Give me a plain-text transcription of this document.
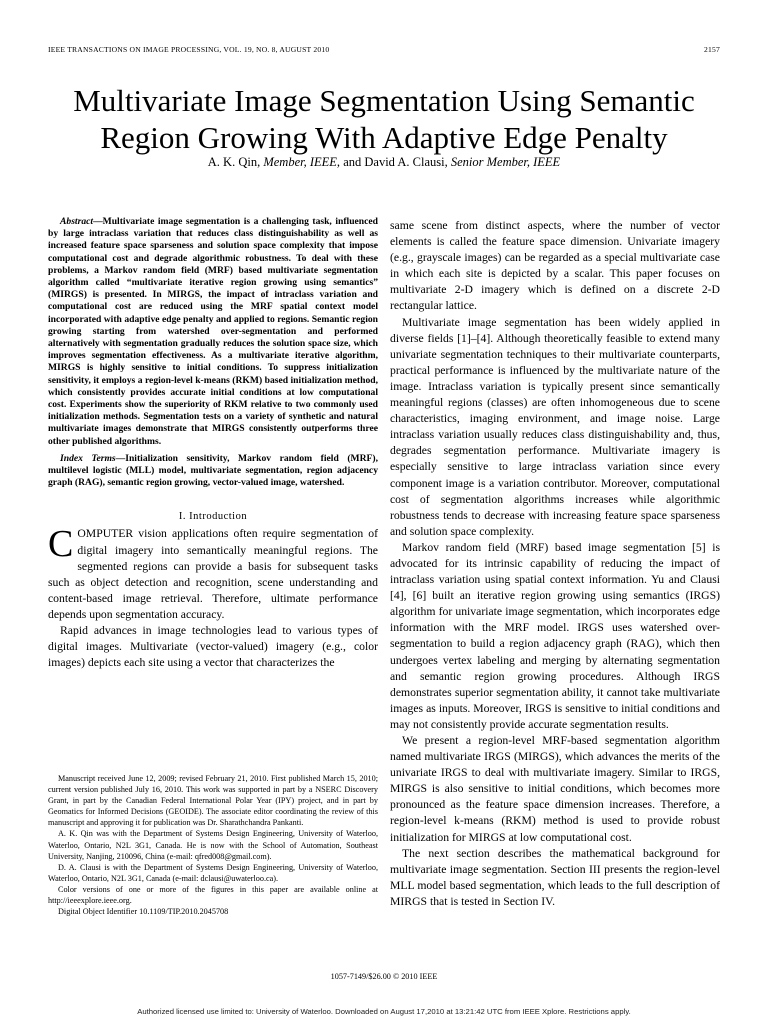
IEEE TRANSACTIONS ON IMAGE PROCESSING, VOL. 19, NO. 8, AUGUST 2010	2157
Multivariate Image Segmentation Using Semantic
Region Growing With Adaptive Edge Penalty
A. K. Qin, Member, IEEE, and David A. Clausi, Senior Member, IEEE

Abstract—Multivariate image segmentation is a challenging task, influenced by large intraclass variation that reduces class distinguishability as well as increased feature space sparseness and solution space complexity that impose computational cost and degrade algorithmic robustness. To deal with these problems, a Markov random field (MRF) based multivariate segmentation algorithm called “multivariate iterative region growing using semantics” (MIRGS) is presented. In MIRGS, the impact of intraclass variation and computational cost are reduced using the MRF spatial context model incorporated with adaptive edge penalty and applied to regions. Semantic region growing starting from watershed over-segmentation and performed alternatively with segmentation gradually reduces the solution space size, which improves segmentation effectiveness. As a multivariate iterative algorithm, MIRGS is highly sensitive to initial conditions. To suppress initialization sensitivity, it employs a region-level k-means (RKM) based initialization method, which consistently provides accurate initial conditions at low computational cost. Experiments show the superiority of RKM relative to two commonly used initialization methods. Segmentation tests on a variety of synthetic and natural multivariate images demonstrate that MIRGS consistently outperforms three other published algorithms.

Index Terms—Initialization sensitivity, Markov random field (MRF), multilevel logistic (MLL) model, multivariate segmentation, region adjacency graph (RAG), semantic region growing, vector-valued image, watershed.

I. Introduction

COMPUTER vision applications often require segmentation of digital imagery into semantically meaningful regions. The segmented regions can provide a basis for subsequent tasks such as object detection and recognition, scene understanding and content-based image retrieval. Therefore, ultimate performance depends upon segmentation accuracy.

Rapid advances in image technologies lead to various types of digital images. Multivariate (vector-valued) imagery (e.g., color images) depicts each site using a vector that characterizes the

Manuscript received June 12, 2009; revised February 21, 2010. First published March 15, 2010; current version published July 16, 2010. This work was supported in part by a NSERC Discovery Grant, in part by the Canadian Federal International Polar Year (IPY) project, and in part by Geomatics for Informed Decisions (GEOIDE). The associate editor coordinating the review of this manuscript and approving it for publication was Dr. Sharathchandra Pankanti.

A. K. Qin was with the Department of Systems Design Engineering, University of Waterloo, Waterloo, Ontario, N2L 3G1, Canada. He is now with the School of Automation, Southeast University, Nanjing, 210096, China (e-mail: qfred008@gmail.com).

D. A. Clausi is with the Department of Systems Design Engineering, University of Waterloo, Waterloo, Ontario, N2L 3G1, Canada (e-mail: dclausi@uwaterloo.ca).

Color versions of one or more of the figures in this paper are available online at http://ieeexplore.ieee.org.

Digital Object Identifier 10.1109/TIP.2010.2045708

same scene from distinct aspects, where the number of vector elements is called the feature space dimension. Univariate imagery (e.g., grayscale images) can be regarded as a special multivariate case in which each site is depicted by a scalar. This paper focuses on multivariate 2-D imagery which is defined on a discrete 2-D rectangular lattice.

Multivariate image segmentation has been widely applied in diverse fields [1]–[4]. Although theoretically feasible to extend many univariate segmentation techniques to their multivariate counterparts, practical performance is influenced by the multivariate nature of the image. Intraclass variation is typically present since semantically meaningful regions (classes) are often inhomogeneous due to scene characteristics, imaging environment, and image noise. Large intraclass variation usually reduces class distinguishability and, thus, degrades segmentation performance. Multivariate imagery is especially sensitive to large intraclass variation since every component image is a variation contributor. Moreover, computational cost of segmentation algorithms increases while algorithmic robustness tends to decrease with increasing feature space sparseness and solution space complexity.

Markov random field (MRF) based image segmentation [5] is advocated for its intrinsic capability of reducing the impact of intraclass variation using spatial context information. Yu and Clausi [4], [6] built an iterative region growing using semantics (IRGS) algorithm for univariate image segmentation, which incorporates edge information with the MRF model. IRGS uses watershed over-segmentation to build a region adjacency graph (RAG), which then undergoes vertex labeling and merging by alternating segmentation and semantic region growing procedures. Although IRGS demonstrates superior segmentation ability, it cannot take multivariate images as inputs. Moreover, IRGS is sensitive to initial conditions and may not consistently provide accurate segmentation results.

We present a region-level MRF-based segmentation algorithm named multivariate IRGS (MIRGS), which advances the merits of the univariate IRGS to deal with multivariate imagery. Similar to IRGS, MIRGS is also sensitive to initial conditions, which becomes more pronounced as the feature space dimension increases. Therefore, a region-level k-means (RKM) method is used to provide robust initialization for MIRGS at low computational cost.

The next section describes the mathematical background for multivariate image segmentation. Section III presents the region-level MLL model based segmentation, which leads to the full description of MIRGS that is tested in Section IV.

1057-7149/$26.00 © 2010 IEEE
Authorized licensed use limited to: University of Waterloo. Downloaded on August 17,2010 at 13:21:42 UTC from IEEE Xplore. Restrictions apply.
